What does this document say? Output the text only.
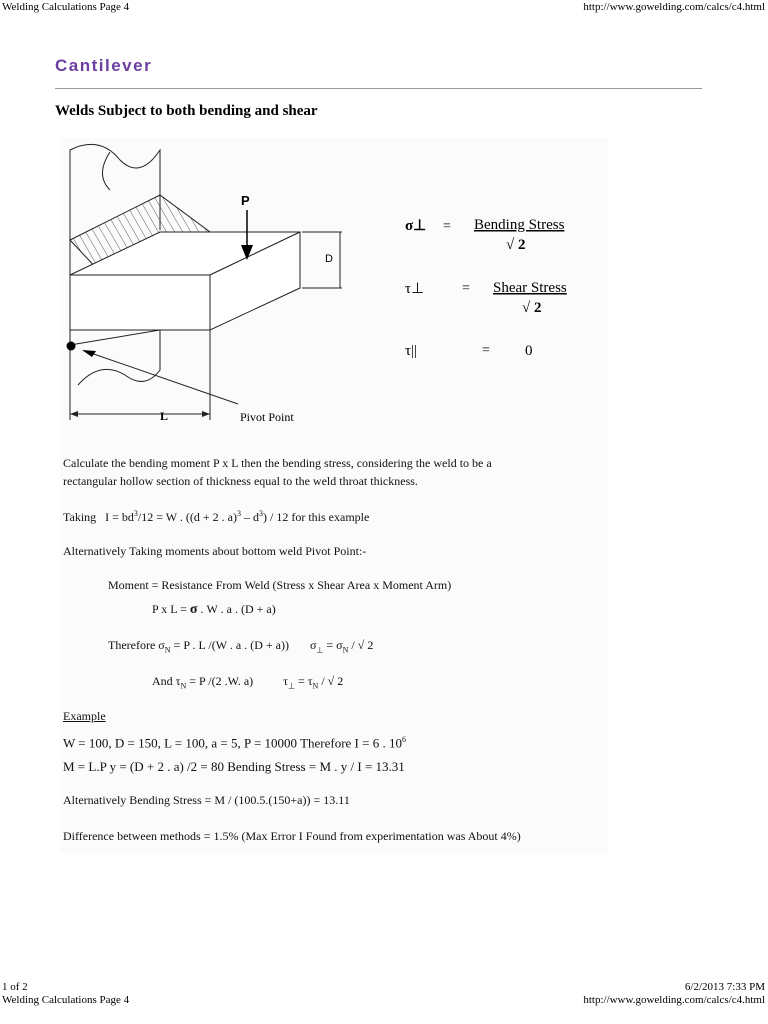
Welding Calculations Page 4	http://www.gowelding.com/calcs/c4.html
1 of 2
Welding Calculations Page 4
6/2/2013 7:33 PM
http://www.gowelding.com/calcs/c4.html
Cantilever
Welds Subject to both bending and shear
P
D
L	Pivot Point
σ⊥ = Bending Stress
√ 2
τ⊥	= Shear Stress
√ 2
τ||	= 0
Calculate the bending moment P x L then the bending stress, considering the weld to be a
rectangular hollow section of thickness equal to the weld throat thickness.
Taking $I = bd^3/12 = W$ . ((d + 2 . $a)^3 - d^3) / 12$ for this example
Alternatively Taking moments about bottom weld Pivot Point:-
Moment = Resistance From Weld (Stress x Shear Area x Moment Arm)
P x L = σ . W . a . (D + a)
Therefore $\sigma_N = P$ . L /(W . a . (D + a)) $\sigma_\perp = \sigma_N$ / √ 2
And $\tau_N = P$ /(2 .W. a)	$\tau_\perp = \tau_N$ / √ 2
Example
W = 100, D = 150, L = 100, a = 5, P = 10000 Therefore I = 6 . $10^6$
M = L.P y = (D + 2 . a) /2 = 80 Bending Stress = M . y / I = 13.31
Alternatively Bending Stress = M / (100.5.(150+a)) = 13.11
Difference between methods = 1.5% (Max Error I Found from experimentation was About 4%)
